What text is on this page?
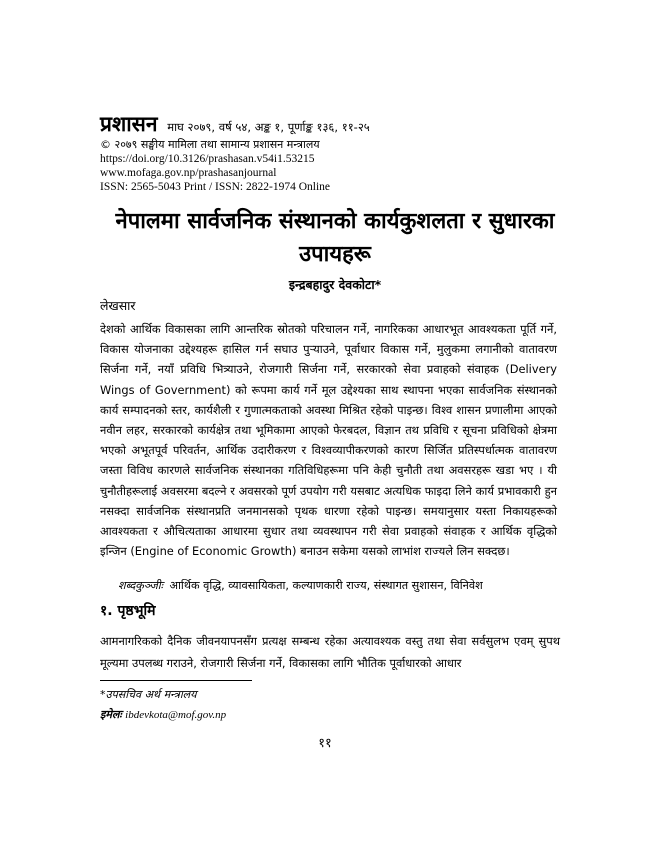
प्रशासन माघ २०७९, वर्ष ५४, अङ्क १, पूर्णाङ्क १३६, ११-२५
© २०७९ सङ्घीय मामिला तथा सामान्य प्रशासन मन्त्रालय
https://doi.org/10.3126/prashasan.v54i1.53215
www.mofaga.gov.np/prashasanjournal
ISSN: 2565-5043 Print / ISSN: 2822-1974 Online
नेपालमा सार्वजनिक संस्थानको कार्यकुशलता र सुधारका उपायहरू
इन्द्रबहादुर देवकोटा*
लेखसार

देशको आर्थिक विकासका लागि आन्तरिक स्रोतको परिचालन गर्ने, नागरिकका आधारभूत आवश्यकता पूर्ति गर्ने, विकास योजनाका उद्देश्यहरू हासिल गर्न सघाउ पुऱ्याउने, पूर्वाधार विकास गर्ने, मुलुकमा लगानीको वातावरण सिर्जना गर्ने, नयाँ प्रविधि भित्र्याउने, रोजगारी सिर्जना गर्ने, सरकारको सेवा प्रवाहको संवाहक (Delivery Wings of Government) को रूपमा कार्य गर्ने मूल उद्देश्यका साथ स्थापना भएका सार्वजनिक संस्थानको कार्य सम्पादनको स्तर, कार्यशैली र गुणात्मकताको अवस्था मिश्रित रहेको पाइन्छ। विश्व शासन प्रणालीमा आएको नवीन लहर, सरकारको कार्यक्षेत्र तथा भूमिकामा आएको फेरबदल, विज्ञान तथ प्रविधि र सूचना प्रविधिको क्षेत्रमा भएको अभूतपूर्व परिवर्तन, आर्थिक उदारीकरण र विश्वव्यापीकरणको कारण सिर्जित प्रतिस्पर्धात्मक वातावरण जस्ता विविध कारणले सार्वजनिक संस्थानका गतिविधिहरूमा पनि केही चुनौती तथा अवसरहरू खडा भए । यी चुनौतीहरूलाई अवसरमा बदल्ने र अवसरको पूर्ण उपयोग गरी यसबाट अत्यधिक फाइदा लिने कार्य प्रभावकारी हुन नसक्दा सार्वजनिक संस्थानप्रति जनमानसको पृथक धारणा रहेको पाइन्छ। समयानुसार यस्ता निकायहरूको आवश्यकता र औचित्यताका आधारमा सुधार तथा व्यवस्थापन गरी सेवा प्रवाहको संवाहक र आर्थिक वृद्धिको इन्जिन (Engine of Economic Growth) बनाउन सकेमा यसको लाभांश राज्यले लिन सक्दछ।

शब्दकुञ्जीः आर्थिक वृद्धि, व्यावसायिकता, कल्याणकारी राज्य, संस्थागत सुशासन, विनिवेश
१. पृष्ठभूमि

आमनागरिकको दैनिक जीवनयापनसँग प्रत्यक्ष सम्बन्ध रहेका अत्यावश्यक वस्तु तथा सेवा सर्वसुलभ एवम् सुपथ मूल्यमा उपलब्ध गराउने, रोजगारी सिर्जना गर्ने, विकासका लागि भौतिक पूर्वाधारको आधार

*उपसचिव अर्थ मन्त्रालय
इमेलः ibdevkota@mof.gov.np
११
